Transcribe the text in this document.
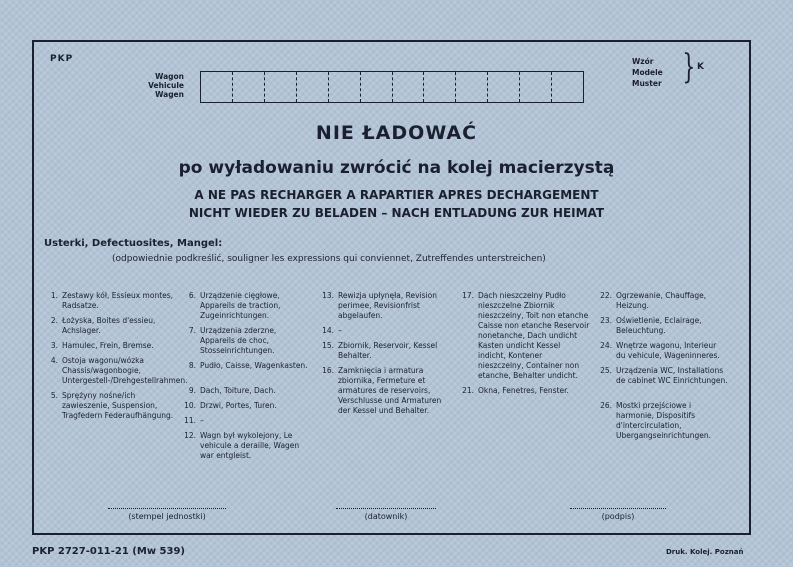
PKP
Wagon
Vehicule
Wagen
Wzór
Modele
Muster } K
NIE ŁADOWAĆ
po wyładowaniu zwrócić na kolej macierzystą
A NE PAS RECHARGER A RAPARTIER APRES DECHARGEMENT
NICHT WIEDER ZU BELADEN – NACH ENTLADUNG ZUR HEIMAT
Usterki, Defectuosites, Mangel:
(odpowiednie podkreślić, souligner les expressions qui conviennet, Zutreffendes unterstreichen)
1. Zestawy kół, Essieux montes, Radsatze.
2. Łożyska, Boites d'essieu, Achslager.
3. Hamulec, Frein, Bremse.
4. Ostoja wagonu/wózka Chassis/wagonbogie, Untergestell-/Drehgestellrahmen.
5. Sprężyny nośne/ich zawieszenie, Suspension, Tragfedern Federaufhängung.
6. Urządzenie cięgłowe, Appareils de traction, Zugeinrichtungen.
7. Urządzenia zderzne, Appareils de choc, Stosseinrichtungen.
8. Pudło, Caisse, Wagenkasten.
9. Dach, Toiture, Dach.
10. Drzwi, Portes, Turen.
11. –
12. Wagn był wykolejony, Le vehicule a deraille, Wagen war entgleist.
13. Rewizja upłynęła, Revision perimee, Revisionfrist abgelaufen.
14. –
15. Zbiornik, Reservoir, Kessel Behalter.
16. Zamknięcia i armatura zbiornika, Fermeture et armatures de reservoirs, Verschlusse und Armaturen der Kessel und Behalter.
17. Dach nieszczelny Pudło nieszczelne Zbiornik nieszczelny, Toit non etanche Caisse non etanche Reservoir nonetanche, Dach undicht Kasten undicht Kessel indicht, Kontener nieszczelny, Container non etanche, Behalter undicht.
21. Okna, Fenetres, Fenster.
22. Ogrzewanie, Chauffage, Heizung.
23. Oświetlenie, Eclairage, Beleuchtung.
24. Wnętrze wagonu, Interieur du vehicule, Wageninneres.
25. Urządzenia WC, Installations de cabinet WC Einrichtungen.
26. Mostki przejściowe i harmonie, Dispositifs d'intercirculation, Ubergangseinrichtungen.
(stempel jednostki)	(datownik)	(podpis)
PKP 2727-011-21 (Mw 539)	Druk. Kolej. Poznań
